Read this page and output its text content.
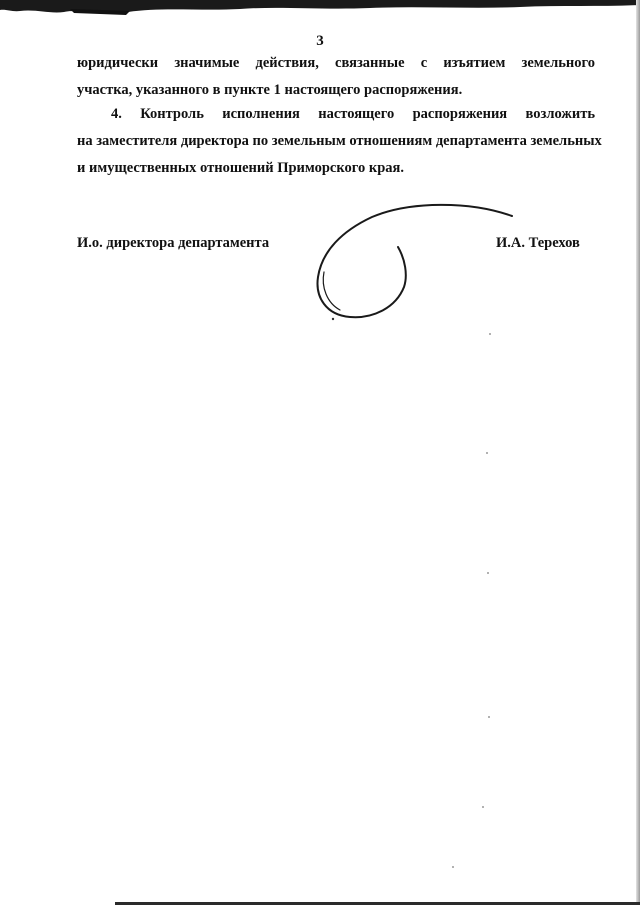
3
юридически значимые действия, связанные с изъятием земельного
участка, указанного в пункте 1 настоящего распоряжения.
4. Контроль исполнения настоящего распоряжения возложить
на заместителя директора по земельным отношениям департамента земельных
и имущественных отношений Приморского края.
И.о. директора департамента	И.А. Терехов
